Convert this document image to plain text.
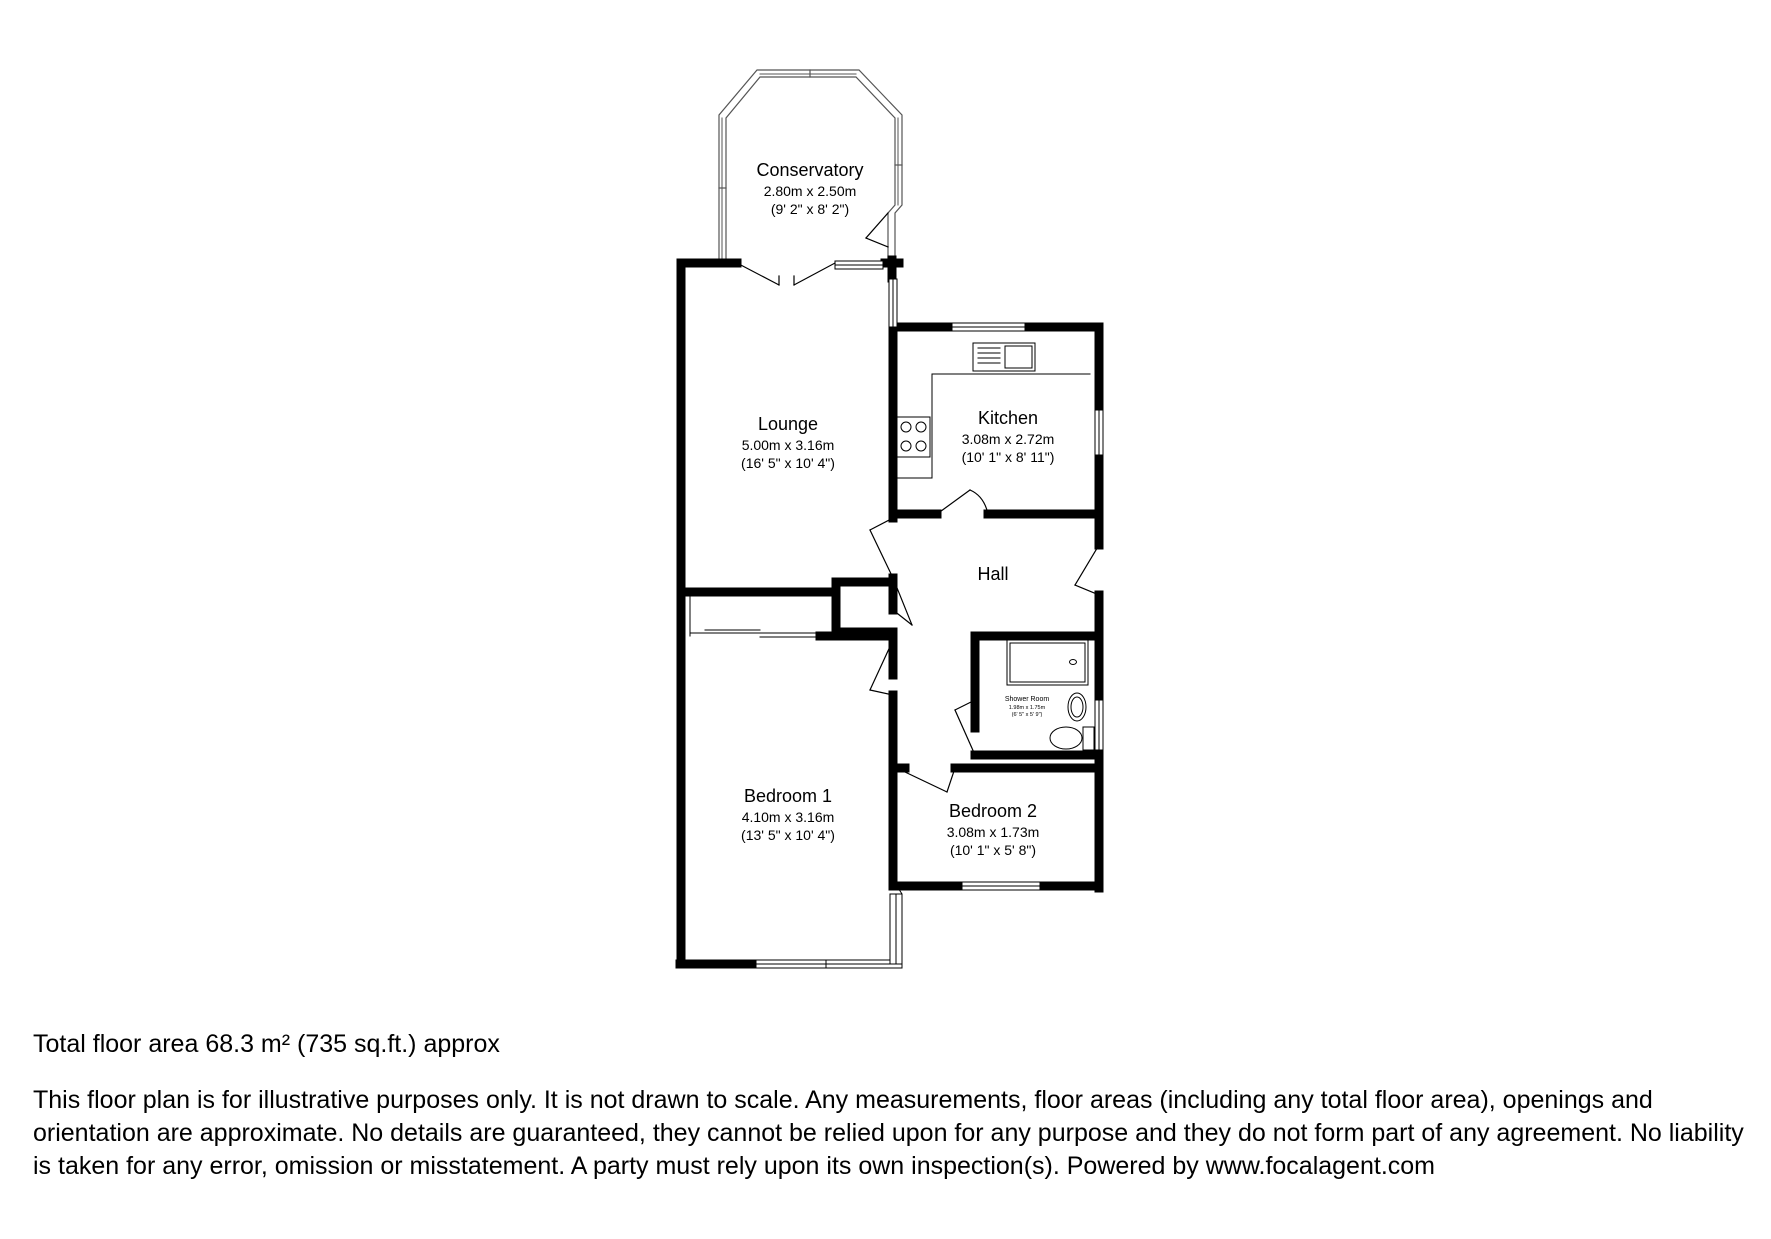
Conservatory
2.80m x 2.50m
(9' 2" x 8' 2")
Lounge
5.00m x 3.16m
(16' 5" x 10' 4")
Kitchen
3.08m x 2.72m
(10' 1" x 8' 11")
Hall
Shower Room
1.98m x 1.75m
(6' 5" x 5' 9")
Bedroom 1
4.10m x 3.16m
(13' 5" x 10' 4")
Bedroom 2
3.08m x 1.73m
(10' 1" x 5' 8")
Total floor area 68.3 m² (735 sq.ft.) approx
This floor plan is for illustrative purposes only. It is not drawn to scale. Any measurements, floor areas (including any total floor area), openings and orientation are approximate. No details are guaranteed, they cannot be relied upon for any purpose and they do not form part of any agreement. No liability is taken for any error, omission or misstatement. A party must rely upon its own inspection(s). Powered by www.focalagent.com
